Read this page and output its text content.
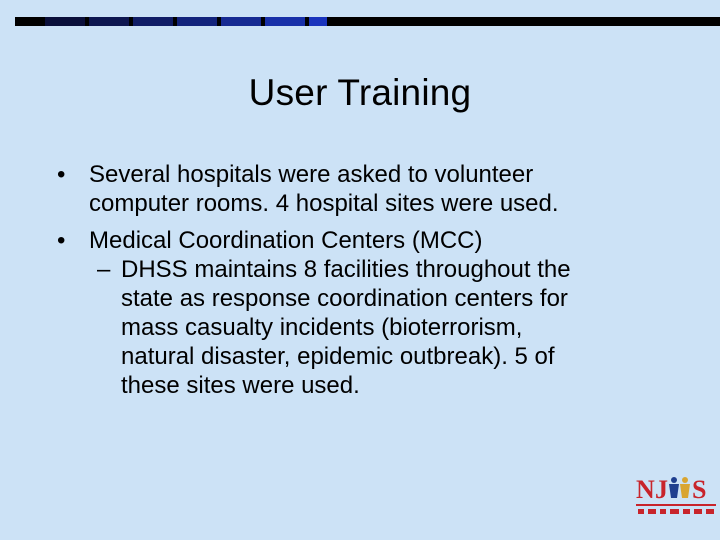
User Training
• Several hospitals were asked to volunteer
computer rooms. 4 hospital sites were used.
• Medical Coordination Centers (MCC)
– DHSS maintains 8 facilities throughout the
state as response coordination centers for
mass casualty incidents (bioterrorism,
natural disaster, epidemic outbreak). 5 of
these sites were used.
N J S
